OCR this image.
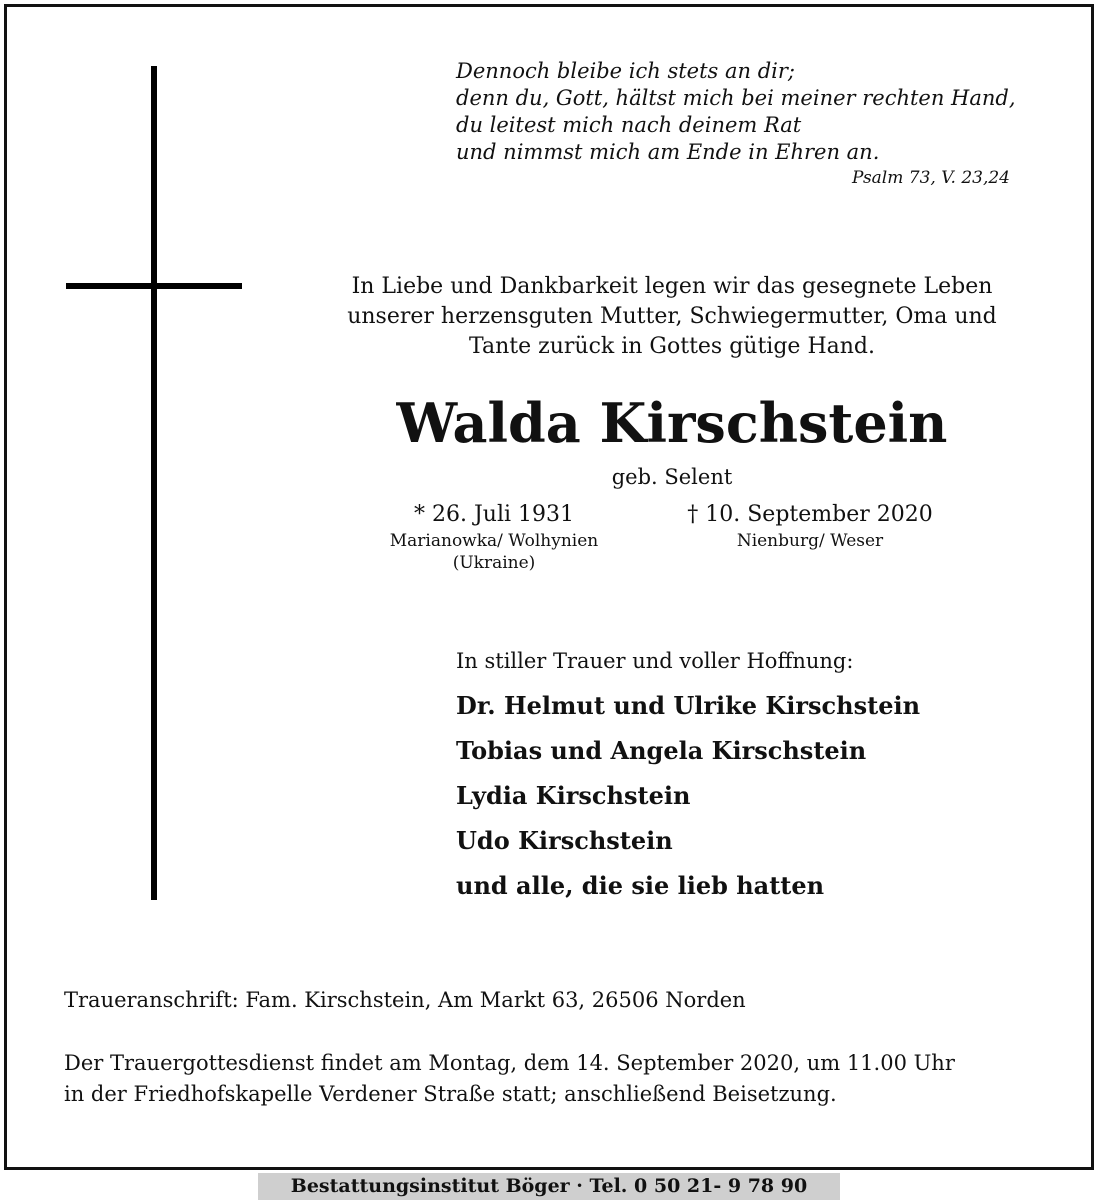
Dennoch bleibe ich stets an dir;
denn du, Gott, hältst mich bei meiner rechten Hand,
du leitest mich nach deinem Rat
und nimmst mich am Ende in Ehren an.
Psalm 73, V. 23,24
In Liebe und Dankbarkeit legen wir das gesegnete Leben
unserer herzensguten Mutter, Schwiegermutter, Oma und
Tante zurück in Gottes gütige Hand.
Walda Kirschstein
geb. Selent
* 26. Juli 1931
Marianowka/ Wolhynien
(Ukraine)
† 10. September 2020
Nienburg/ Weser
In stiller Trauer und voller Hoffnung:
Dr. Helmut und Ulrike Kirschstein
Tobias und Angela Kirschstein
Lydia Kirschstein
Udo Kirschstein
und alle, die sie lieb hatten
Traueranschrift: Fam. Kirschstein, Am Markt 63, 26506 Norden
Der Trauergottesdienst findet am Montag, dem 14. September 2020, um 11.00 Uhr
in der Friedhofskapelle Verdener Straße statt; anschließend Beisetzung.
Bestattungsinstitut Böger · Tel. 0 50 21- 9 78 90
